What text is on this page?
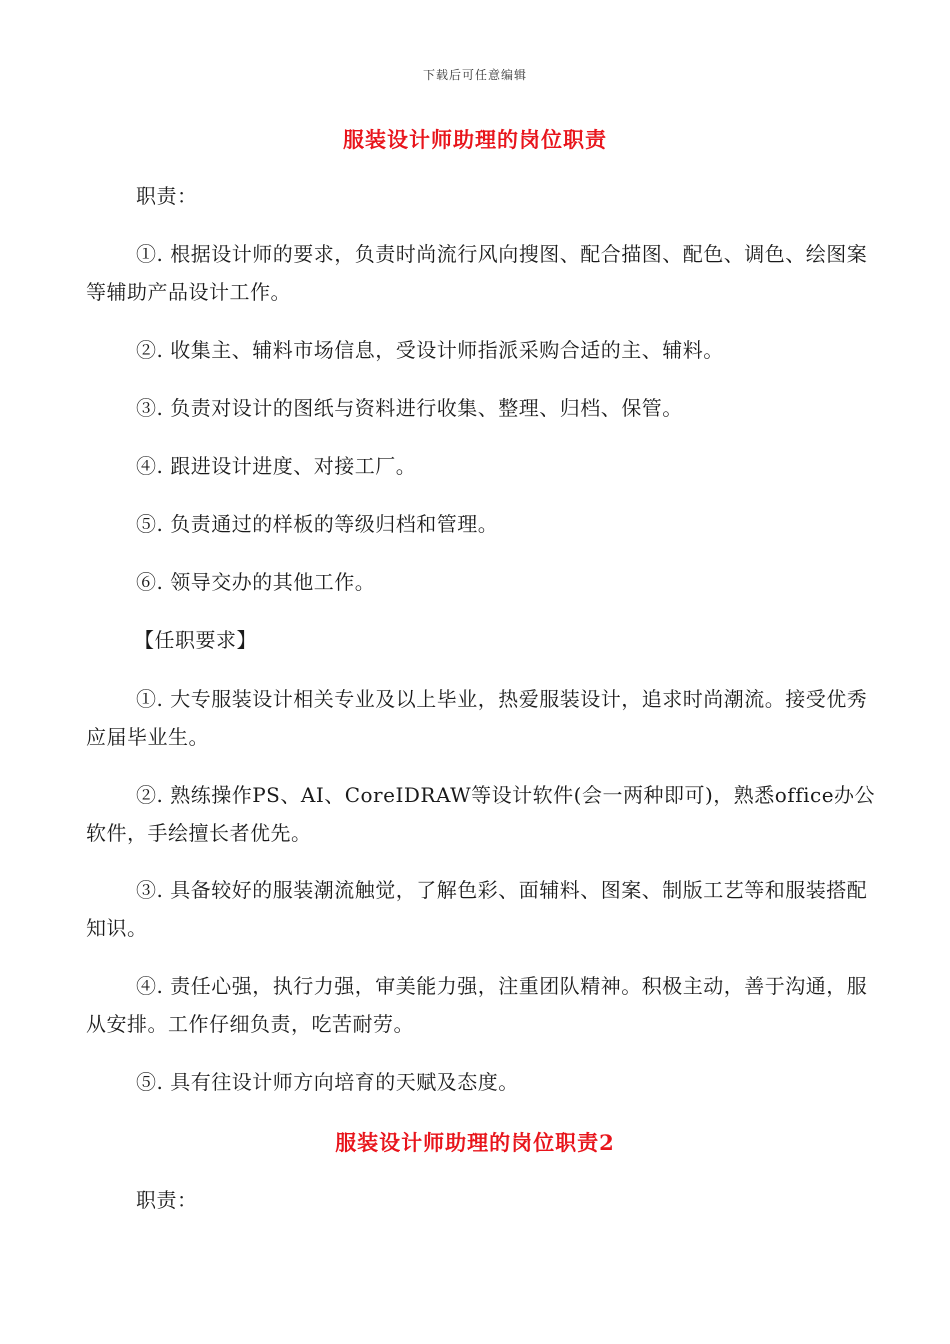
下载后可任意编辑
服装设计师助理的岗位职责
职责：
①. 根据设计师的要求，负责时尚流行风向搜图、配合描图、配色、调色、绘图案等辅助产品设计工作。
②. 收集主、辅料市场信息，受设计师指派采购合适的主、辅料。
③. 负责对设计的图纸与资料进行收集、整理、归档、保管。
④. 跟进设计进度、对接工厂。
⑤. 负责通过的样板的等级归档和管理。
⑥. 领导交办的其他工作。
【任职要求】
①. 大专服装设计相关专业及以上毕业，热爱服装设计，追求时尚潮流。接受优秀应届毕业生。
②. 熟练操作PS、AI、CoreIDRAW等设计软件(会一两种即可)，熟悉office办公软件，手绘擅长者优先。
③. 具备较好的服装潮流触觉，了解色彩、面辅料、图案、制版工艺等和服装搭配知识。
④. 责任心强，执行力强，审美能力强，注重团队精神。积极主动，善于沟通，服从安排。工作仔细负责，吃苦耐劳。
⑤. 具有往设计师方向培育的天赋及态度。
服装设计师助理的岗位职责2
职责：
